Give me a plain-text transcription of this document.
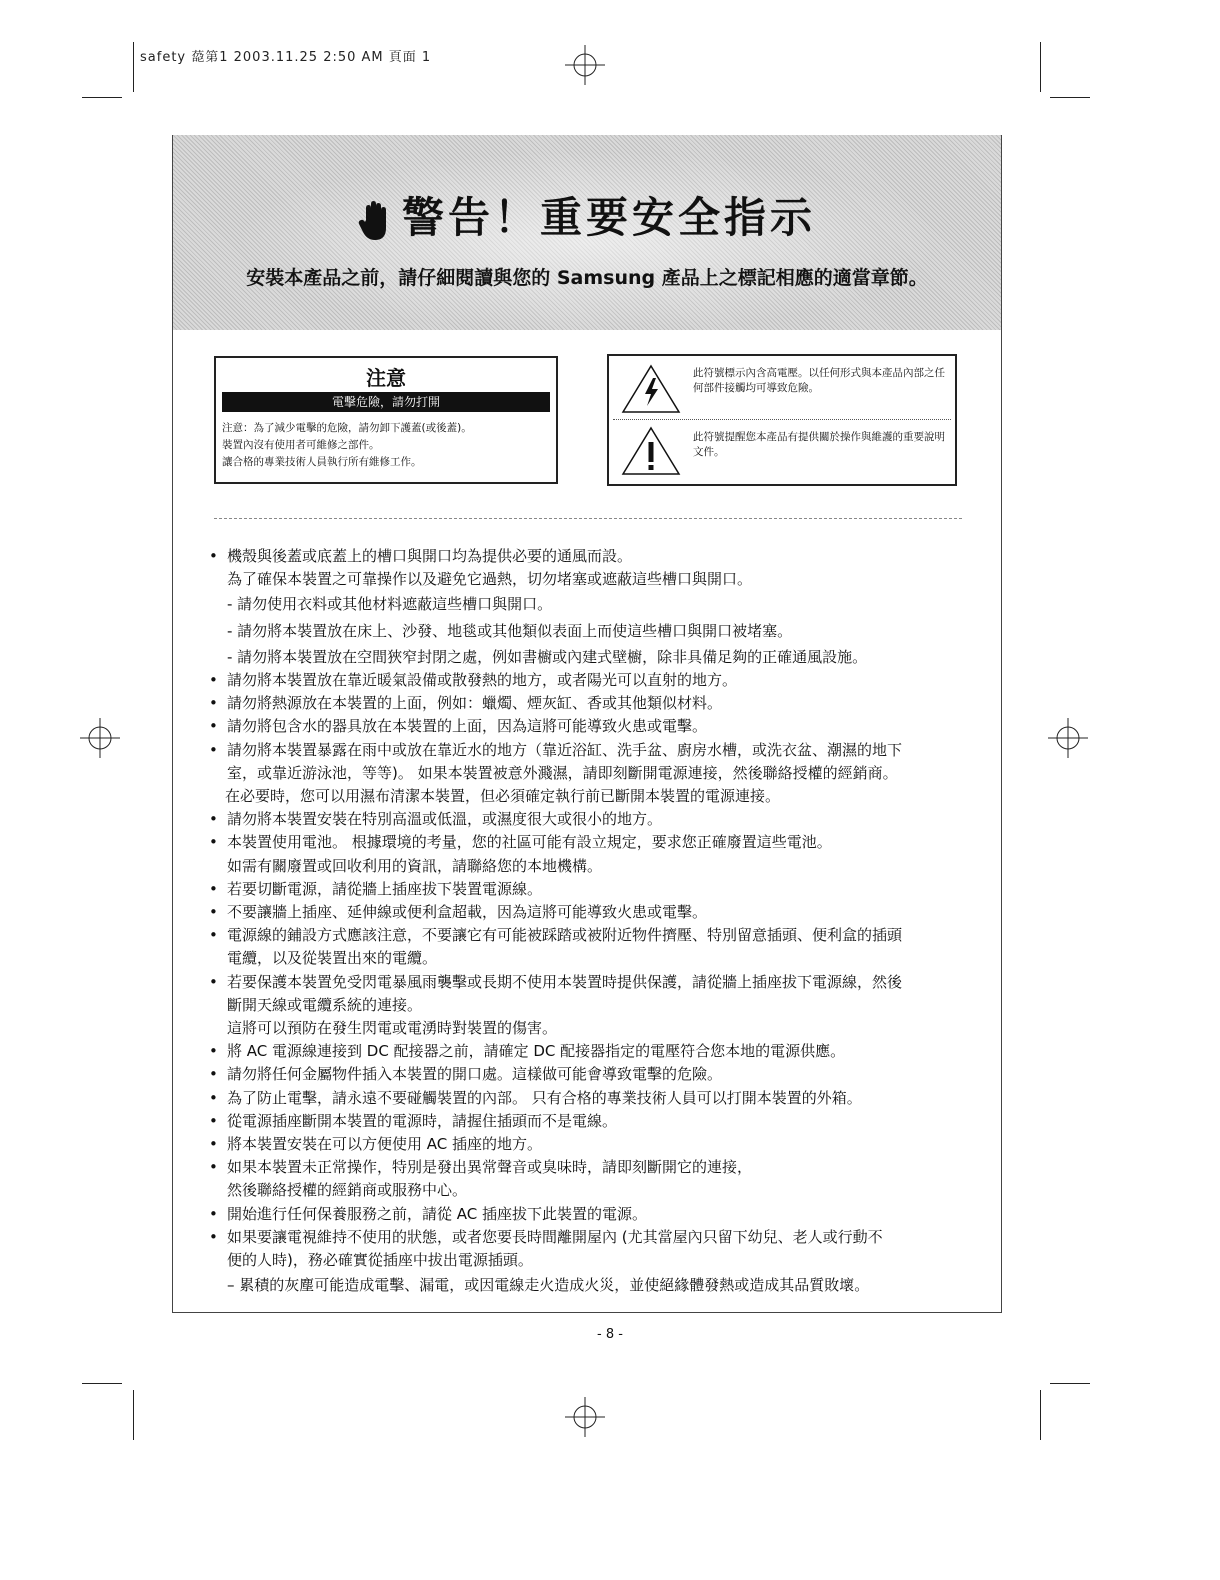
safety 㗡第1 2003.11.25 2:50 AM 頁面 1
警告！重要安全指示
安裝本產品之前，請仔細閱讀與您的 Samsung 產品上之標記相應的適當章節。
注意
電擊危險，請勿打開
注意：為了減少電擊的危險，請勿卸下護蓋(或後蓋)。
裝置內沒有使用者可維修之部件。
讓合格的專業技術人員執行所有維修工作。
此符號標示內含高電壓。以任何形式與本產品內部之任何部件接觸均可導致危險。
此符號提醒您本產品有提供關於操作與維護的重要說明文件。
• 機殼與後蓋或底蓋上的槽口與開口均為提供必要的通風而設。
為了確保本裝置之可靠操作以及避免它過熱，切勿堵塞或遮蔽這些槽口與開口。
- 請勿使用衣料或其他材料遮蔽這些槽口與開口。
- 請勿將本裝置放在床上、沙發、地毯或其他類似表面上而使這些槽口與開口被堵塞。
- 請勿將本裝置放在空間狹窄封閉之處，例如書櫥或內建式壁櫥，除非具備足夠的正確通風設施。
• 請勿將本裝置放在靠近暖氣設備或散發熱的地方，或者陽光可以直射的地方。
• 請勿將熱源放在本裝置的上面，例如：蠟燭、煙灰缸、香或其他類似材料。
• 請勿將包含水的器具放在本裝置的上面，因為這將可能導致火患或電擊。
• 請勿將本裝置暴露在雨中或放在靠近水的地方（靠近浴缸、洗手盆、廚房水槽，或洗衣盆、潮濕的地下
室，或靠近游泳池，等等)。 如果本裝置被意外濺濕，請即刻斷開電源連接，然後聯絡授權的經銷商。
在必要時，您可以用濕布清潔本裝置，但必須確定執行前已斷開本裝置的電源連接。
• 請勿將本裝置安裝在特別高溫或低溫，或濕度很大或很小的地方。
• 本裝置使用電池。 根據環境的考量，您的社區可能有設立規定，要求您正確廢置這些電池。
如需有關廢置或回收利用的資訊，請聯絡您的本地機構。
• 若要切斷電源，請從牆上插座拔下裝置電源線。
• 不要讓牆上插座、延伸線或便利盒超載，因為這將可能導致火患或電擊。
• 電源線的鋪設方式應該注意，不要讓它有可能被踩踏或被附近物件擠壓、特別留意插頭、便利盒的插頭
電纜，以及從裝置出來的電纜。
• 若要保護本裝置免受閃電暴風雨襲擊或長期不使用本裝置時提供保護，請從牆上插座拔下電源線，然後
斷開天線或電纜系統的連接。
這將可以預防在發生閃電或電湧時對裝置的傷害。
• 將 AC 電源線連接到 DC 配接器之前，請確定 DC 配接器指定的電壓符合您本地的電源供應。
• 請勿將任何金屬物件插入本裝置的開口處。這樣做可能會導致電擊的危險。
• 為了防止電擊，請永遠不要碰觸裝置的內部。 只有合格的專業技術人員可以打開本裝置的外箱。
• 從電源插座斷開本裝置的電源時，請握住插頭而不是電線。
• 將本裝置安裝在可以方便使用 AC 插座的地方。
• 如果本裝置未正常操作，特別是發出異常聲音或臭味時，請即刻斷開它的連接，
然後聯絡授權的經銷商或服務中心。
• 開始進行任何保養服務之前，請從 AC 插座拔下此裝置的電源。
• 如果要讓電視維持不使用的狀態，或者您要長時間離開屋內 (尤其當屋內只留下幼兒、老人或行動不
便的人時)，務必確實從插座中拔出電源插頭。
– 累積的灰塵可能造成電擊、漏電，或因電線走火造成火災，並使絕緣體發熱或造成其品質敗壞。
- 8 -
